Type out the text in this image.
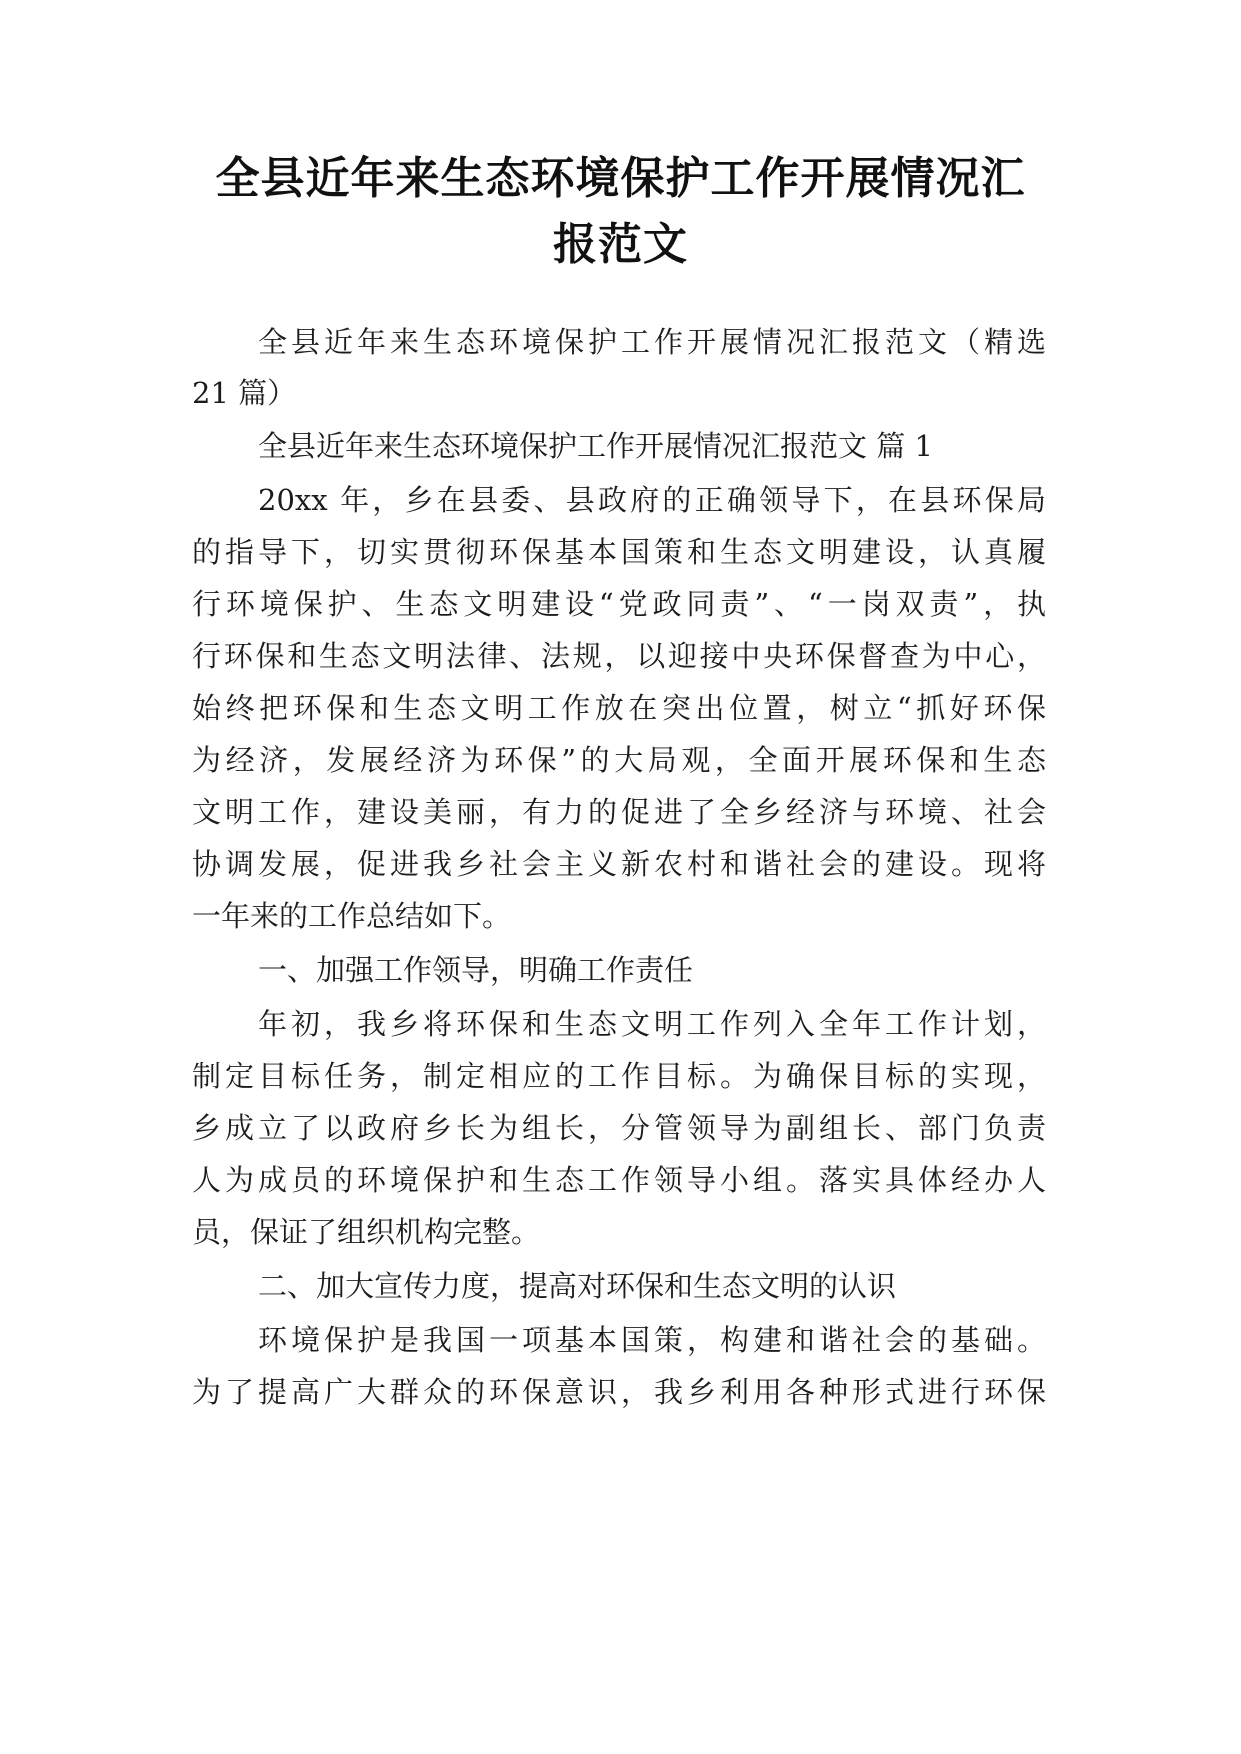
全县近年来生态环境保护工作开展情况汇
报范文
全县近年来生态环境保护工作开展情况汇报范文（精选
21 篇）
全县近年来生态环境保护工作开展情况汇报范文 篇 1
20xx 年，乡在县委、县政府的正确领导下，在县环保局
的指导下，切实贯彻环保基本国策和生态文明建设，认真履
行环境保护、生态文明建设“党政同责”、“一岗双责”，执
行环保和生态文明法律、法规，以迎接中央环保督查为中心，
始终把环保和生态文明工作放在突出位置，树立“抓好环保
为经济，发展经济为环保”的大局观，全面开展环保和生态
文明工作，建设美丽，有力的促进了全乡经济与环境、社会
协调发展，促进我乡社会主义新农村和谐社会的建设。现将
一年来的工作总结如下。
一、加强工作领导，明确工作责任
年初，我乡将环保和生态文明工作列入全年工作计划，
制定目标任务，制定相应的工作目标。为确保目标的实现，
乡成立了以政府乡长为组长，分管领导为副组长、部门负责
人为成员的环境保护和生态工作领导小组。落实具体经办人
员，保证了组织机构完整。
二、加大宣传力度，提高对环保和生态文明的认识
环境保护是我国一项基本国策，构建和谐社会的基础。
为了提高广大群众的环保意识，我乡利用各种形式进行环保
